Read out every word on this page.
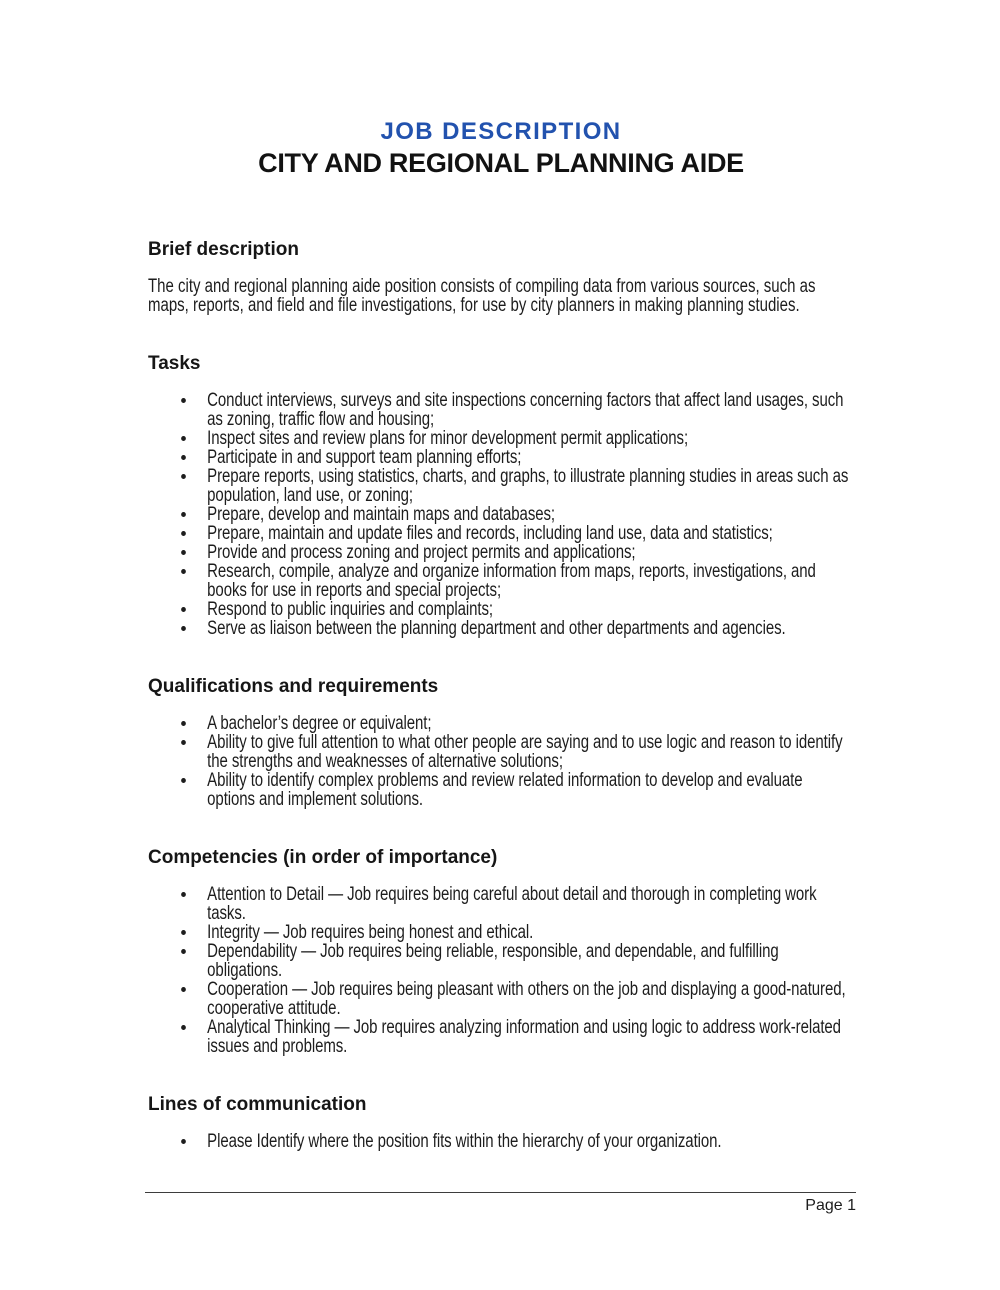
JOB DESCRIPTION
CITY AND REGIONAL PLANNING AIDE
Brief description

The city and regional planning aide position consists of compiling data from various sources, such as maps, reports, and field and file investigations, for use by city planners in making planning studies.

Tasks
Conduct interviews, surveys and site inspections concerning factors that affect land usages, such as zoning, traffic flow and housing;
Inspect sites and review plans for minor development permit applications;
Participate in and support team planning efforts;
Prepare reports, using statistics, charts, and graphs, to illustrate planning studies in areas such as population, land use, or zoning;
Prepare, develop and maintain maps and databases;
Prepare, maintain and update files and records, including land use, data and statistics;
Provide and process zoning and project permits and applications;
Research, compile, analyze and organize information from maps, reports, investigations, and books for use in reports and special projects;
Respond to public inquiries and complaints;
Serve as liaison between the planning department and other departments and agencies.
Qualifications and requirements
A bachelor’s degree or equivalent;
Ability to give full attention to what other people are saying and to use logic and reason to identify the strengths and weaknesses of alternative solutions;
Ability to identify complex problems and review related information to develop and evaluate options and implement solutions.
Competencies (in order of importance)
Attention to Detail — Job requires being careful about detail and thorough in completing work tasks.
Integrity — Job requires being honest and ethical.
Dependability — Job requires being reliable, responsible, and dependable, and fulfilling obligations.
Cooperation — Job requires being pleasant with others on the job and displaying a good-natured, cooperative attitude.
Analytical Thinking — Job requires analyzing information and using logic to address work-related issues and problems.
Lines of communication
Please Identify where the position fits within the hierarchy of your organization.
Page 1
